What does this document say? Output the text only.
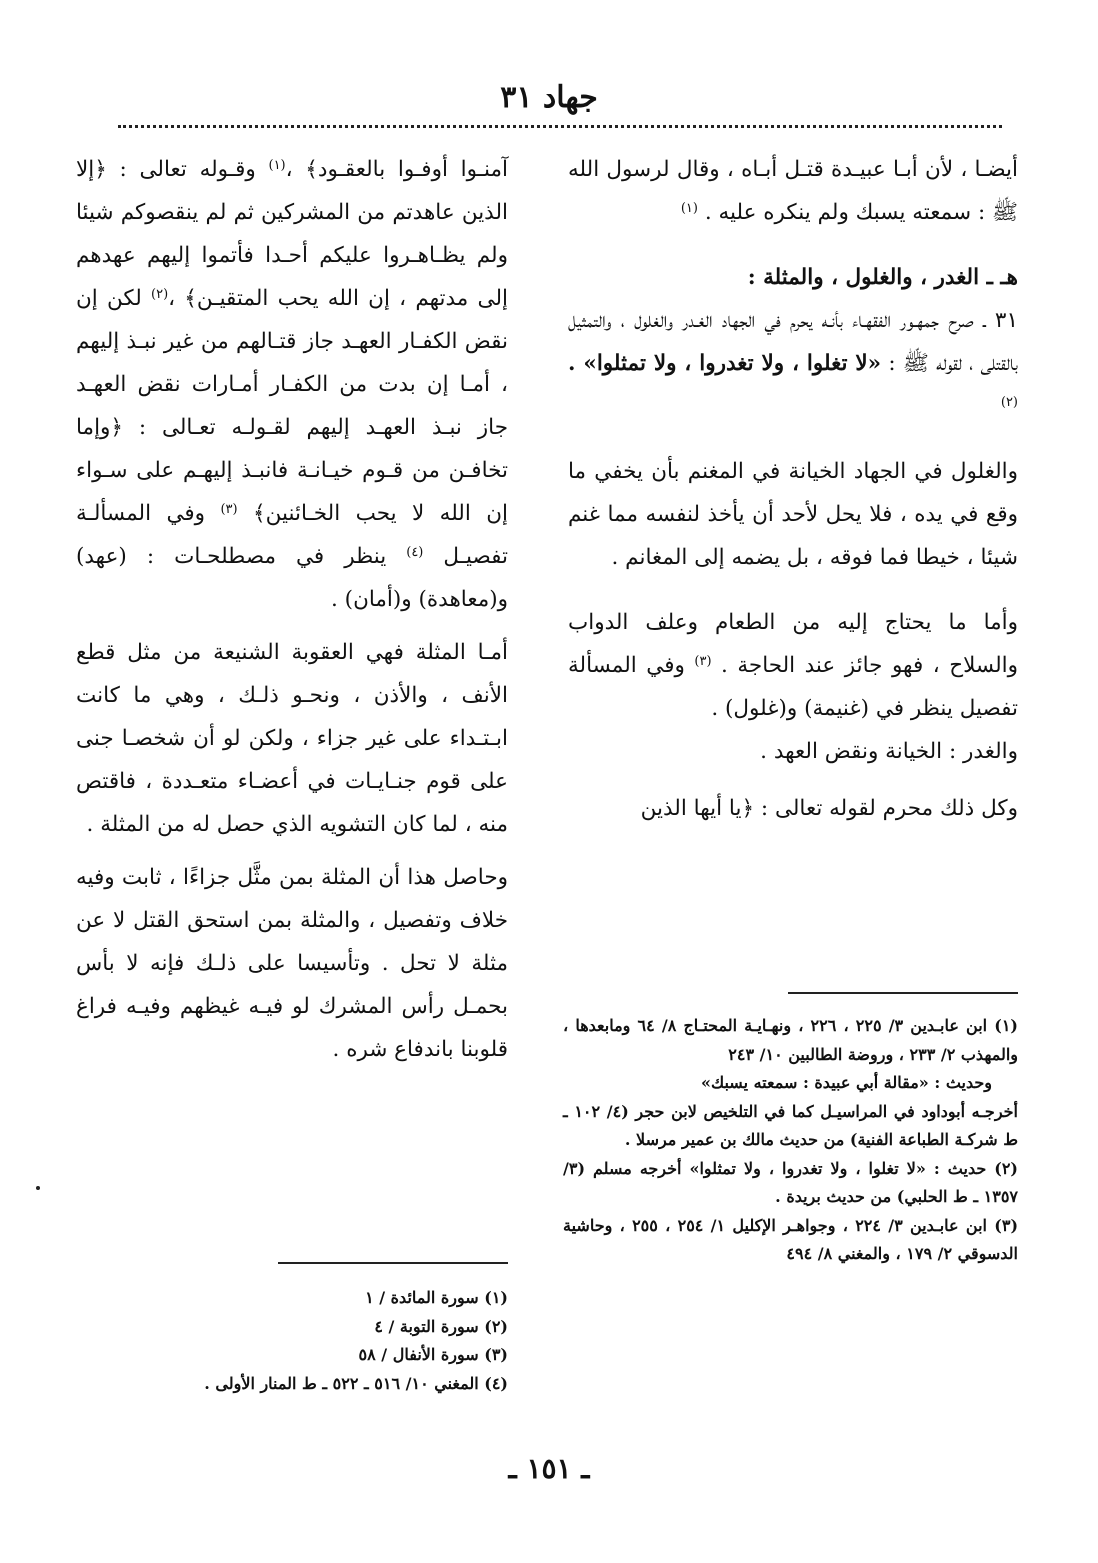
جهاد ٣١

أيضـا ، لأن أبـا عبيـدة قتـل أبـاه ، وقال لرسول الله ﷺ : سمعته يسبك ولم ينكره عليه . $^{(١)}$

هـ ـ الغدر ، والغلول ، والمثلة :

٣١ ـ صرح جمهـور الفقهـاء بأنـه يحرم في الجهاد الغـدر والغلول ، والتمثيل بالقتلى ، لقوله ﷺ : «لا تغلوا ، ولا تغدروا ، ولا تمثلوا» . $^{(٢)}$

والغلول في الجهاد الخيانة في المغنم بأن يخفي ما وقع في يده ، فلا يحل لأحد أن يأخذ لنفسه مما غنم شيئا ، خيطا فما فوقه ، بل يضمه إلى المغانم .

وأما ما يحتاج إليه من الطعام وعلف الدواب والسلاح ، فهو جائز عند الحاجة . $^{(٣)}$ وفي المسألة تفصيل ينظر في (غنيمة) و(غلول) .

والغدر : الخيانة ونقض العهد .

وكل ذلك محرم لقوله تعالى : ﴿يا أيها الذين

آمنـوا أوفـوا بالعقـود﴾ ،$^{(١)}$ وقـوله تعالى : ﴿إلا الذين عاهدتم من المشركين ثم لم ينقصوكم شيئا ولم يظـاهـروا عليكم أحـدا فأتموا إليهم عهدهم إلى مدتهم ، إن الله يحب المتقيـن﴾ ،$^{(٢)}$ لكن إن نقض الكفـار العهـد جاز قتـالهم من غير نبـذ إليهم ، أمـا إن بدت من الكفـار أمـارات نقض العهـد جاز نبـذ العهـد إليهم لقـولـه تعـالى : ﴿وإما تخافـن من قـوم خيـانـة فانبـذ إليهـم على سـواء إن الله لا يحب الخـائنين﴾ $^{(٣)}$ وفي المسألـة تفصيـل $^{(٤)}$ ينظر في مصطلحـات : (عهد) و(معاهدة) و(أمان) .

أمـا المثلة فهي العقوبة الشنيعة من مثل قطع الأنف ، والأذن ، ونحـو ذلـك ، وهي ما كانت ابـتـداء على غير جزاء ، ولكن لو أن شخصـا جنى على قوم جنـايـات في أعضـاء متعـددة ، فاقتص منه ، لما كان التشويه الذي حصل له من المثلة .

وحاصل هذا أن المثلة بمن مثَّل جزاءًا ، ثابت وفيه خلاف وتفصيل ، والمثلة بمن استحق القتل لا عن مثلة لا تحل . وتأسيسا على ذلـك فإنه لا بأس بحمـل رأس المشرك لو فيـه غيظهم وفيـه فراغ قلوبنا باندفاع شره .

(١) ابن عابـدين ٣/ ٢٢٥ ، ٢٢٦ ، ونهـايـة المحتـاج ٨/ ٦٤ ومابعدها ، والمهذب ٢/ ٢٣٣ ، وروضة الطالبين ١٠/ ٢٤٣

وحديث : «مقالة أبي عبيدة : سمعته يسبك»

أخرجـه أبوداود في المراسيـل كما في التلخيص لابن حجر (٤/ ١٠٢ ـ ط شركـة الطباعة الفنية) من حديث مالك بن عمير مرسلا .

(٢) حديث : «لا تغلوا ، ولا تغدروا ، ولا تمثلوا» أخرجه مسلم (٣/ ١٣٥٧ ـ ط الحلبي) من حديث بريدة .

(٣) ابن عابـدين ٣/ ٢٢٤ ، وجواهـر الإكليل ١/ ٢٥٤ ، ٢٥٥ ، وحاشية الدسوقي ٢/ ١٧٩ ، والمغني ٨/ ٤٩٤

(١) سورة المائدة / ١

(٢) سورة التوبة / ٤

(٣) سورة الأنفال / ٥٨

(٤) المغني ١٠/ ٥١٦ ـ ٥٢٢ ـ ط المنار الأولى .

ـ ١٥١ ـ
